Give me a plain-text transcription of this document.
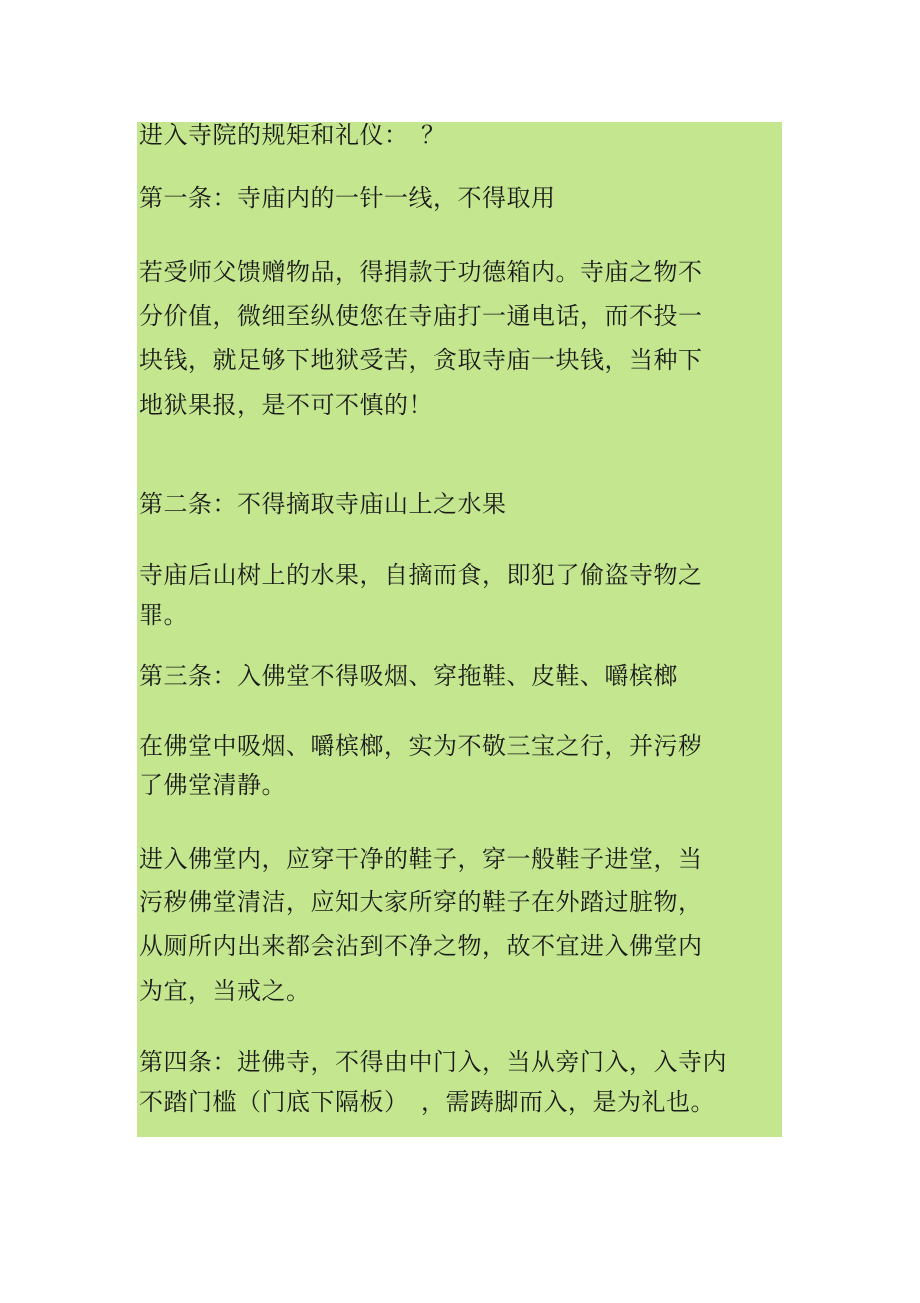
进入寺院的规矩和礼仪：　？
第一条：寺庙内的一针一线，不得取用
若受师父馈赠物品，得捐款于功德箱内。寺庙之物不
分价值，微细至纵使您在寺庙打一通电话，而不投一
块钱，就足够下地狱受苦，贪取寺庙一块钱，当种下
地狱果报，是不可不慎的！
第二条：不得摘取寺庙山上之水果
寺庙后山树上的水果，自摘而食，即犯了偷盗寺物之
罪。
第三条：入佛堂不得吸烟、穿拖鞋、皮鞋、嚼槟榔
在佛堂中吸烟、嚼槟榔，实为不敬三宝之行，并污秽
了佛堂清静。
进入佛堂内，应穿干净的鞋子，穿一般鞋子进堂，当
污秽佛堂清洁，应知大家所穿的鞋子在外踏过脏物，
从厕所内出来都会沾到不净之物，故不宜进入佛堂内
为宜，当戒之。
第四条：进佛寺，不得由中门入，当从旁门入，入寺内
不踏门槛（门底下隔板）　，需踌脚而入，是为礼也。
